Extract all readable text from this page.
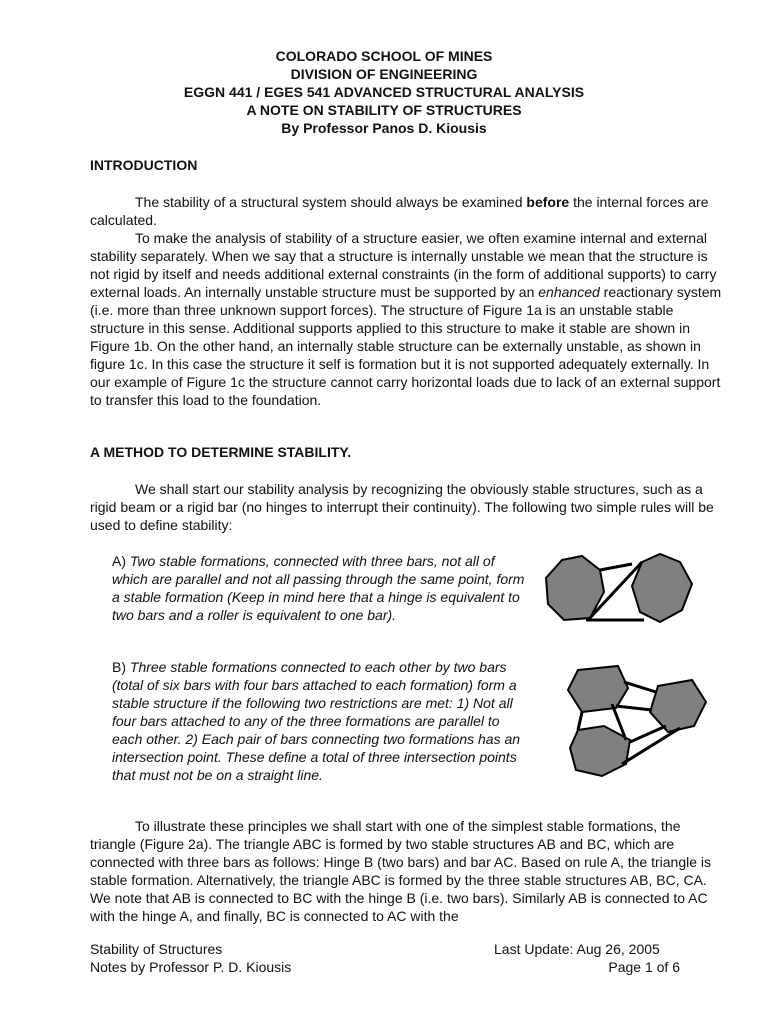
COLORADO SCHOOL OF MINES
DIVISION OF ENGINEERING
EGGN 441 / EGES 541 ADVANCED STRUCTURAL ANALYSIS
A NOTE ON STABILITY OF STRUCTURES
By Professor Panos D. Kiousis
INTRODUCTION
The stability of a structural system should always be examined before the internal forces are calculated.
To make the analysis of stability of a structure easier, we often examine internal and external stability separately. When we say that a structure is internally unstable we mean that the structure is not rigid by itself and needs additional external constraints (in the form of additional supports) to carry external loads. An internally unstable structure must be supported by an enhanced reactionary system (i.e. more than three unknown support forces). The structure of Figure 1a is an unstable stable structure in this sense. Additional supports applied to this structure to make it stable are shown in Figure 1b. On the other hand, an internally stable structure can be externally unstable, as shown in figure 1c. In this case the structure it self is formation but it is not supported adequately externally. In our example of Figure 1c the structure cannot carry horizontal loads due to lack of an external support to transfer this load to the foundation.
A METHOD TO DETERMINE STABILITY.
We shall start our stability analysis by recognizing the obviously stable structures, such as a rigid beam or a rigid bar (no hinges to interrupt their continuity). The following two simple rules will be used to define stability:
A) Two stable formations, connected with three bars, not all of which are parallel and not all passing through the same point, form a stable formation (Keep in mind here that a hinge is equivalent to two bars and a roller is equivalent to one bar).
B) Three stable formations connected to each other by two bars (total of six bars with four bars attached to each formation) form a stable structure if the following two restrictions are met: 1) Not all four bars attached to any of the three formations are parallel to each other. 2) Each pair of bars connecting two formations has an intersection point. These define a total of three intersection points that must not be on a straight line.
To illustrate these principles we shall start with one of the simplest stable formations, the triangle (Figure 2a). The triangle ABC is formed by two stable structures AB and BC, which are connected with three bars as follows: Hinge B (two bars) and bar AC. Based on rule A, the triangle is stable formation. Alternatively, the triangle ABC is formed by the three stable structures AB, BC, CA. We note that AB is connected to BC with the hinge B (i.e. two bars). Similarly AB is connected to AC with the hinge A, and finally, BC is connected to AC with the
Stability of Structures	Last Update: Aug 26, 2005
Notes by Professor P. D. Kiousis	Page 1 of 6
